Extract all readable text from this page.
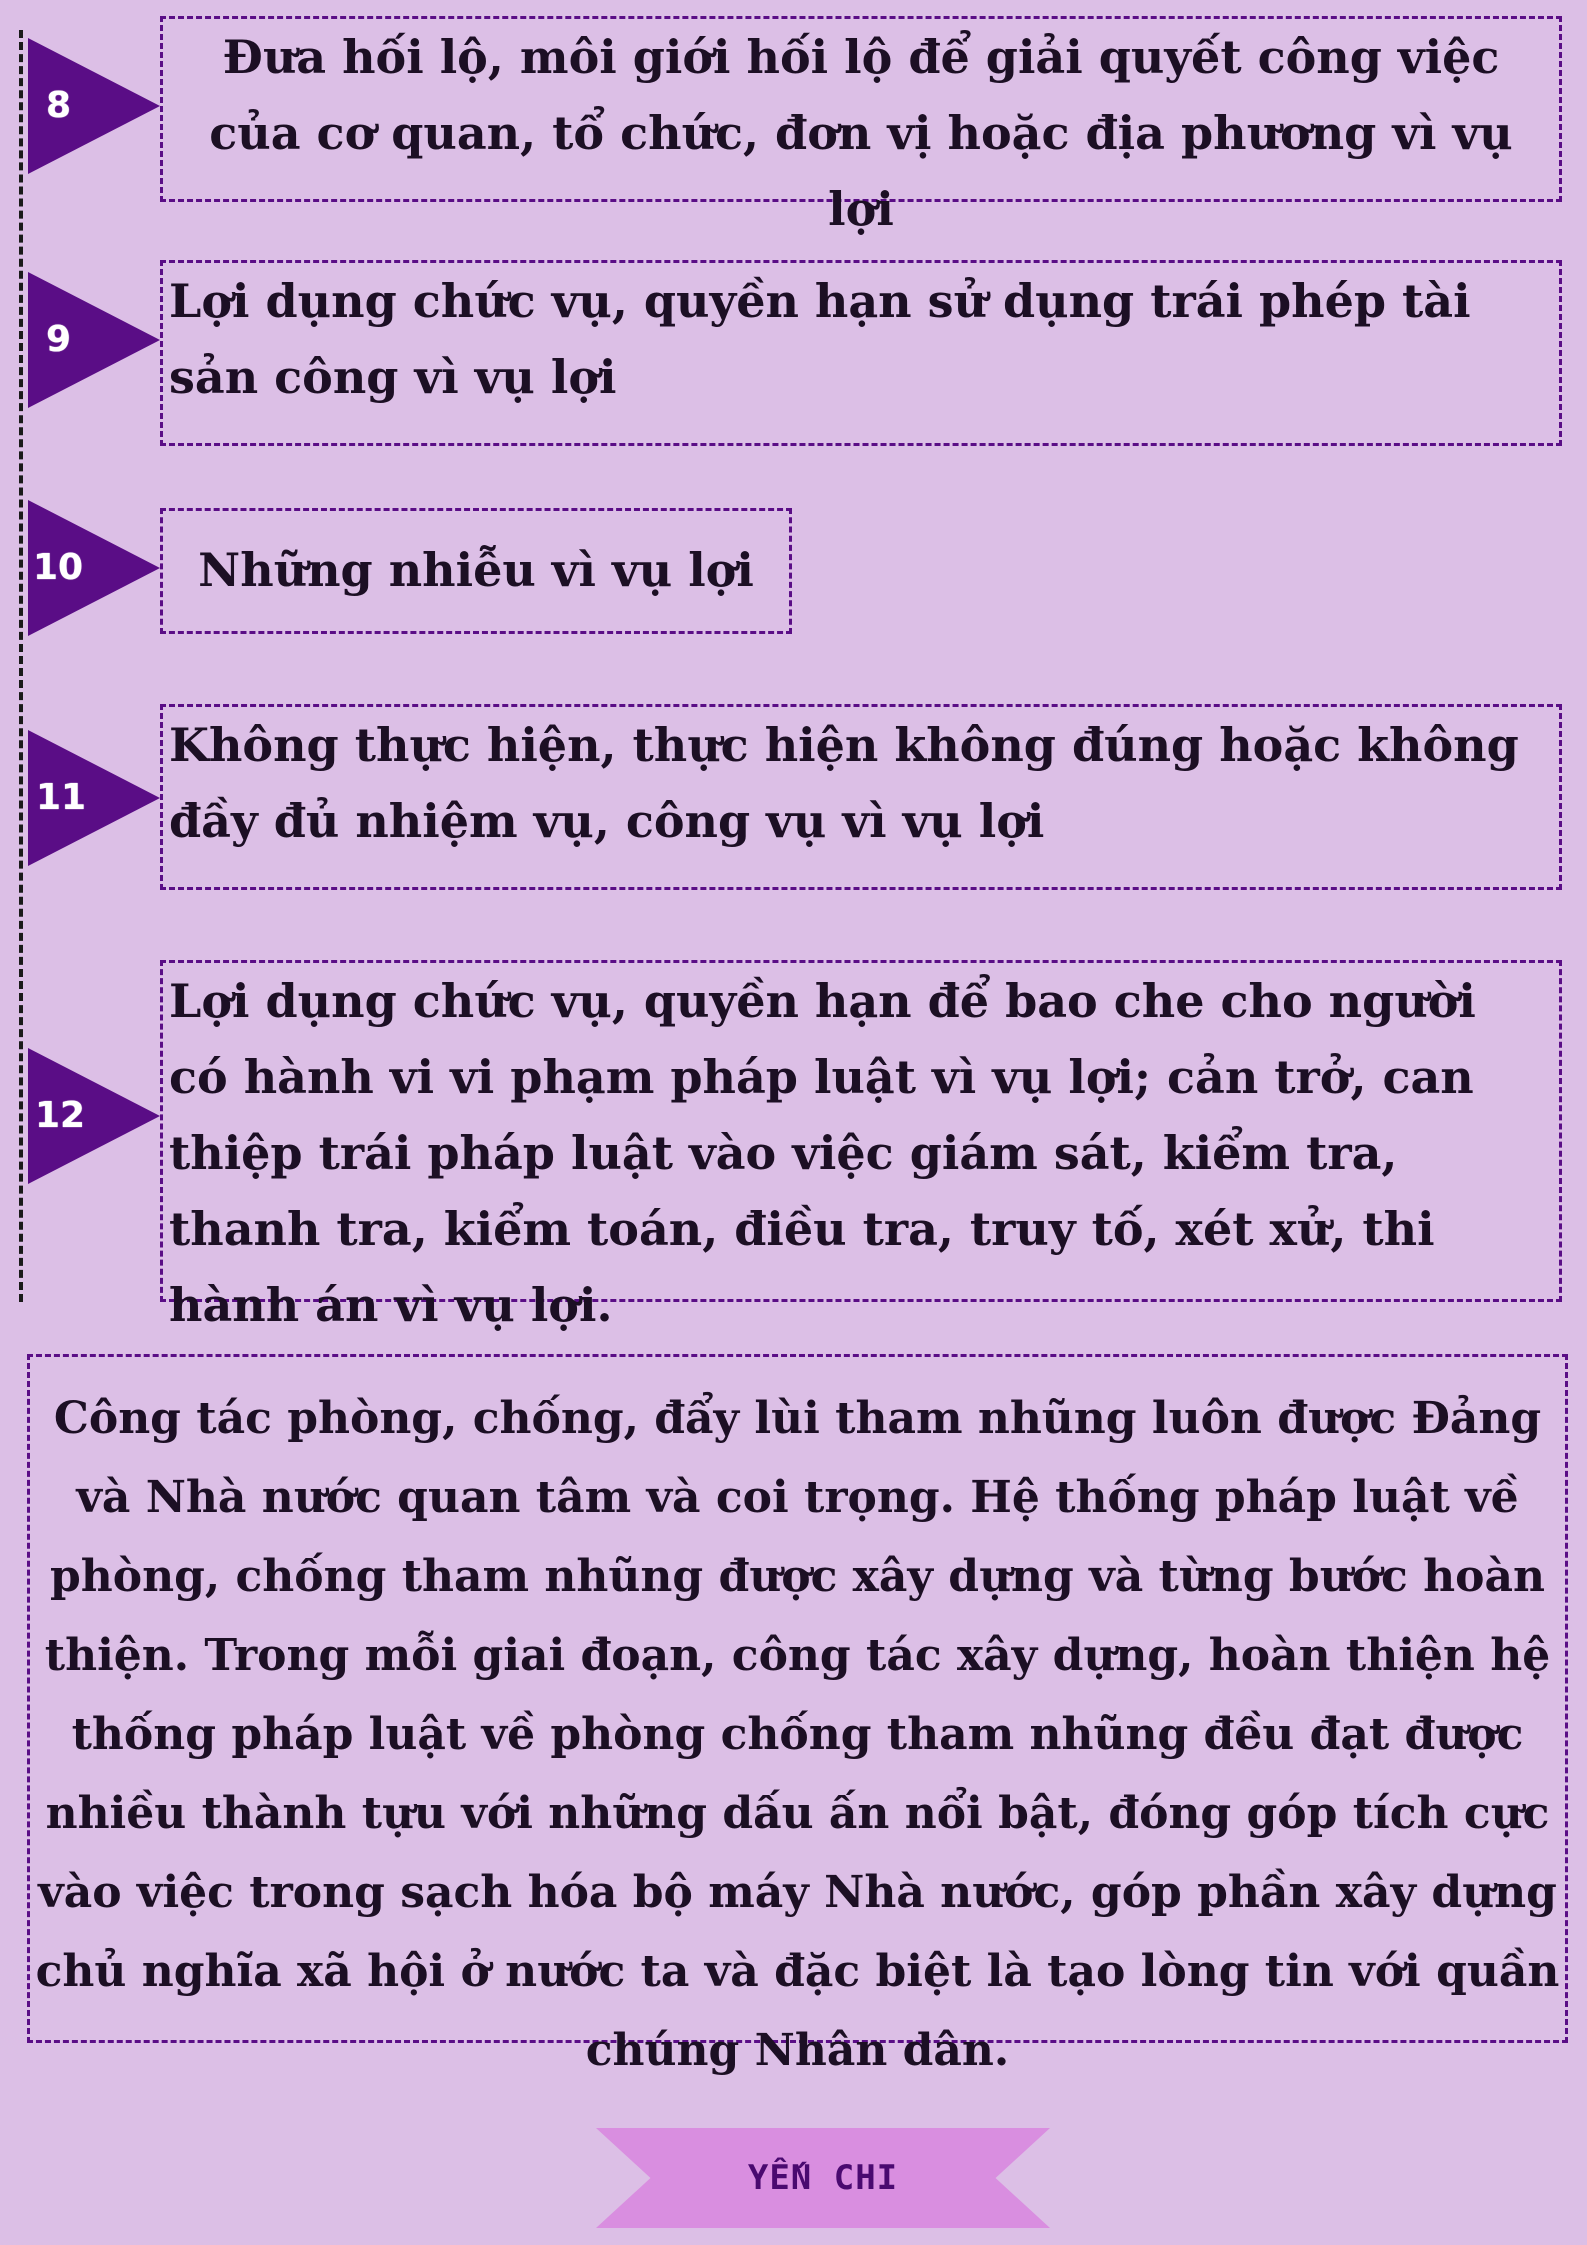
8
Đưa hối lộ, môi giới hối lộ để giải quyết công việc của cơ quan, tổ chức, đơn vị hoặc địa phương vì vụ lợi
9
Lợi dụng chức vụ, quyền hạn sử dụng trái phép tài sản công vì vụ lợi
10	Những nhiễu vì vụ lợi
11
Không thực hiện, thực hiện không đúng hoặc không đầy đủ nhiệm vụ, công vụ vì vụ lợi
12
Lợi dụng chức vụ, quyền hạn để bao che cho người có hành vi vi phạm pháp luật vì vụ lợi; cản trở, can thiệp trái pháp luật vào việc giám sát, kiểm tra, thanh tra, kiểm toán, điều tra, truy tố, xét xử, thi hành án vì vụ lợi.
Công tác phòng, chống, đẩy lùi tham nhũng luôn được Đảng và Nhà nước quan tâm và coi trọng. Hệ thống pháp luật về phòng, chống tham nhũng được xây dựng và từng bước hoàn thiện. Trong mỗi giai đoạn, công tác xây dựng, hoàn thiện hệ thống pháp luật về phòng chống tham nhũng đều đạt được nhiều thành tựu với những dấu ấn nổi bật, đóng góp tích cực vào việc trong sạch hóa bộ máy Nhà nước, góp phần xây dựng chủ nghĩa xã hội ở nước ta và đặc biệt là tạo lòng tin với quần chúng Nhân dân.
YẾN CHI
